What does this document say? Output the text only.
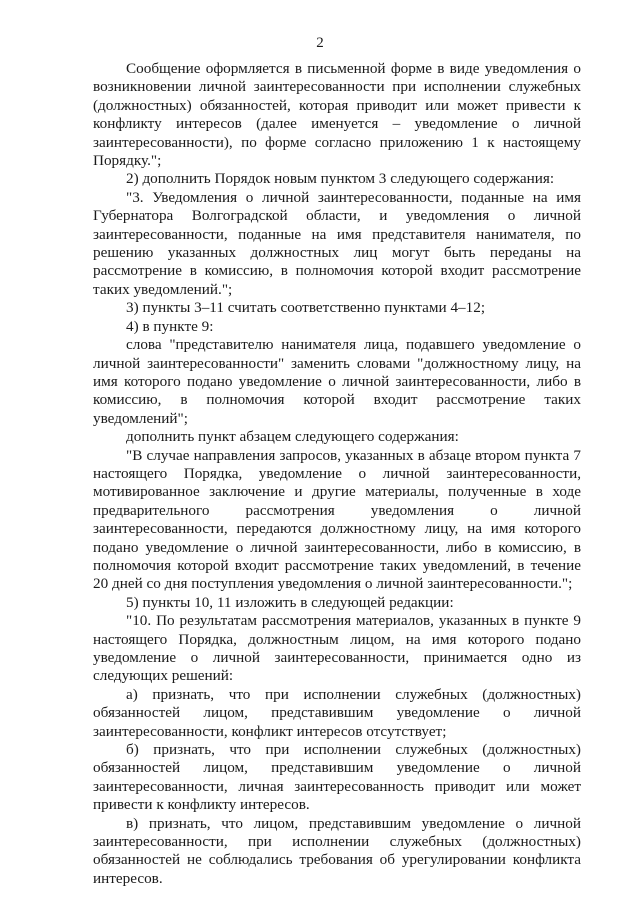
2

Сообщение оформляется в письменной форме в виде уведомления о возникновении личной заинтересованности при исполнении служебных (должностных) обязанностей, которая приводит или может привести к конфликту интересов (далее именуется – уведомление о личной заинтересованности), по форме согласно приложению 1 к настоящему Порядку.";

2) дополнить Порядок новым пунктом 3 следующего содержания:

"3. Уведомления о личной заинтересованности, поданные на имя Губернатора Волгоградской области, и уведомления о личной заинтересованности, поданные на имя представителя нанимателя, по решению указанных должностных лиц могут быть переданы на рассмотрение в комиссию, в полномочия которой входит рассмотрение таких уведомлений.";

3) пункты 3–11 считать соответственно пунктами 4–12;

4) в пункте 9:

слова "представителю нанимателя лица, подавшего уведомление о личной заинтересованности" заменить словами "должностному лицу, на имя которого подано уведомление о личной заинтересованности, либо в комиссию, в полномочия которой входит рассмотрение таких уведомлений";

дополнить пункт абзацем следующего содержания:

"В случае направления запросов, указанных в абзаце втором пункта 7 настоящего Порядка, уведомление о личной заинтересованности, мотивированное заключение и другие материалы, полученные в ходе предварительного рассмотрения уведомления о личной заинтересованности, передаются должностному лицу, на имя которого подано уведомление о личной заинтересованности, либо в комиссию, в полномочия которой входит рассмотрение таких уведомлений, в течение 20 дней со дня поступления уведомления о личной заинтересованности.";

5) пункты 10, 11 изложить в следующей редакции:

"10. По результатам рассмотрения материалов, указанных в пункте 9 настоящего Порядка, должностным лицом, на имя которого подано уведомление о личной заинтересованности, принимается одно из следующих решений:

а) признать, что при исполнении служебных (должностных) обязанностей лицом, представившим уведомление о личной заинтересованности, конфликт интересов отсутствует;

б) признать, что при исполнении служебных (должностных) обязанностей лицом, представившим уведомление о личной заинтересованности, личная заинтересованность приводит или может привести к конфликту интересов.

в) признать, что лицом, представившим уведомление о личной заинтересованности, при исполнении служебных (должностных) обязанностей не соблюдались требования об урегулировании конфликта интересов.
